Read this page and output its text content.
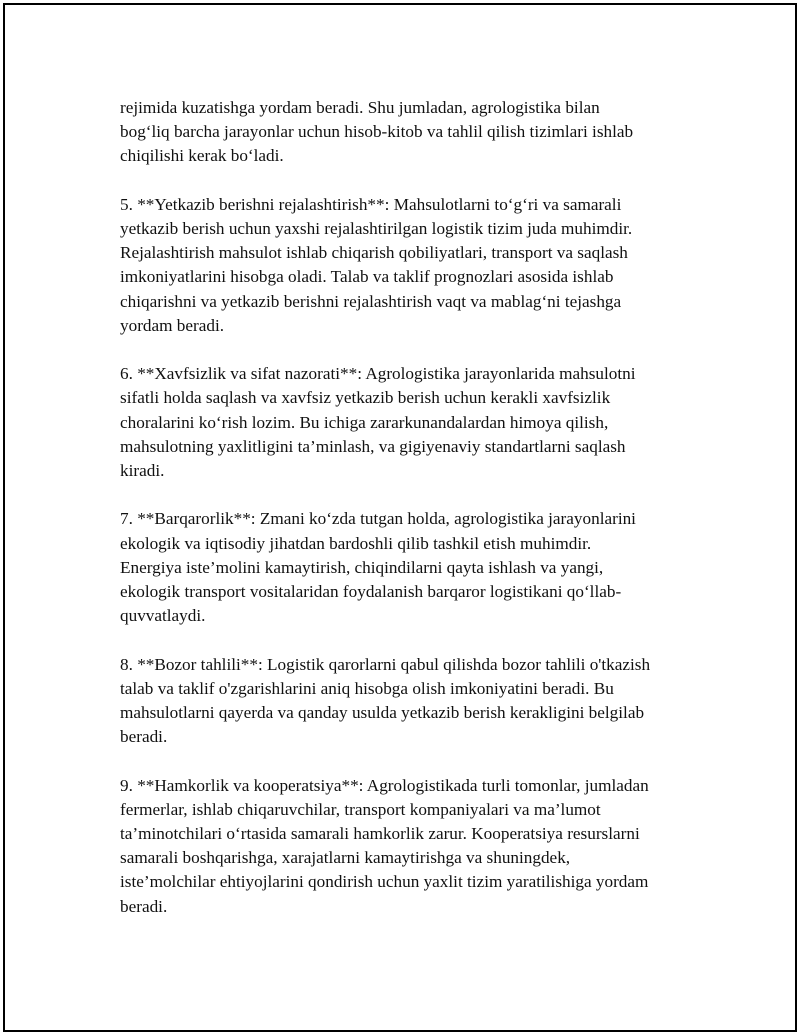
rejimida kuzatishga yordam beradi. Shu jumladan, agrologistika bilan
bog‘liq barcha jarayonlar uchun hisob-kitob va tahlil qilish tizimlari ishlab
chiqilishi kerak bo‘ladi.

5. **Yetkazib berishni rejalashtirish**: Mahsulotlarni to‘g‘ri va samarali
yetkazib berish uchun yaxshi rejalashtirilgan logistik tizim juda muhimdir.
Rejalashtirish mahsulot ishlab chiqarish qobiliyatlari, transport va saqlash
imkoniyatlarini hisobga oladi. Talab va taklif prognozlari asosida ishlab
chiqarishni va yetkazib berishni rejalashtirish vaqt va mablag‘ni tejashga
yordam beradi.

6. **Xavfsizlik va sifat nazorati**: Agrologistika jarayonlarida mahsulotni
sifatli holda saqlash va xavfsiz yetkazib berish uchun kerakli xavfsizlik
choralarini ko‘rish lozim. Bu ichiga zararkunandalardan himoya qilish,
mahsulotning yaxlitligini ta’minlash, va gigiyenaviy standartlarni saqlash
kiradi.

7. **Barqarorlik**: Zmani ko‘zda tutgan holda, agrologistika jarayonlarini
ekologik va iqtisodiy jihatdan bardoshli qilib tashkil etish muhimdir.
Energiya iste’molini kamaytirish, chiqindilarni qayta ishlash va yangi,
ekologik transport vositalaridan foydalanish barqaror logistikani qo‘llab-
quvvatlaydi.

8. **Bozor tahlili**: Logistik qarorlarni qabul qilishda bozor tahlili o'tkazish
talab va taklif o'zgarishlarini aniq hisobga olish imkoniyatini beradi. Bu
mahsulotlarni qayerda va qanday usulda yetkazib berish kerakligini belgilab
beradi.

9. **Hamkorlik va kooperatsiya**: Agrologistikada turli tomonlar, jumladan
fermerlar, ishlab chiqaruvchilar, transport kompaniyalari va ma’lumot
ta’minotchilari o‘rtasida samarali hamkorlik zarur. Kooperatsiya resurslarni
samarali boshqarishga, xarajatlarni kamaytirishga va shuningdek,
iste’molchilar ehtiyojlarini qondirish uchun yaxlit tizim yaratilishiga yordam
beradi.
